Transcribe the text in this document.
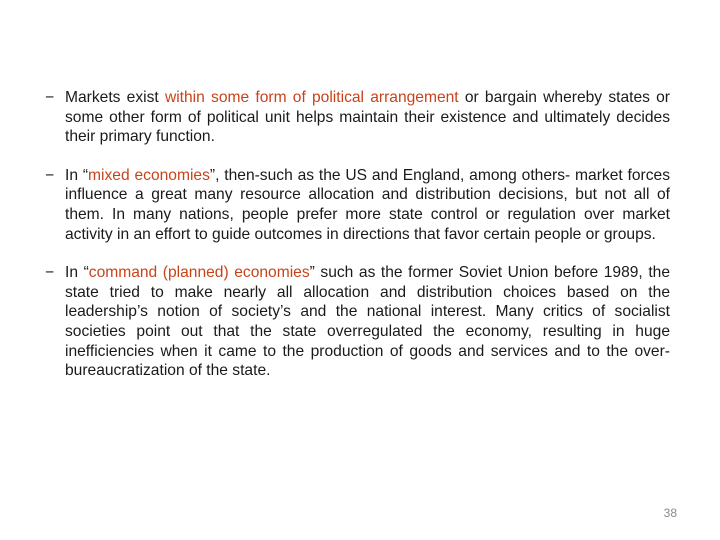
− Markets exist within some form of political arrangement or bargain whereby states or some other form of political unit helps maintain their existence and ultimately decides their primary function.
− In “mixed economies”, then-such as the US and England, among others- market forces influence a great many resource allocation and distribution decisions, but not all of them. In many nations, people prefer more state control or regulation over market activity in an effort to guide outcomes in directions that favor certain people or groups.
− In “command (planned) economies” such as the former Soviet Union before 1989, the state tried to make nearly all allocation and distribution choices based on the leadership’s notion of society’s and the national interest. Many critics of socialist societies point out that the state overregulated the economy, resulting in huge inefficiencies when it came to the production of goods and services and to the over-bureaucratization of the state.
38
